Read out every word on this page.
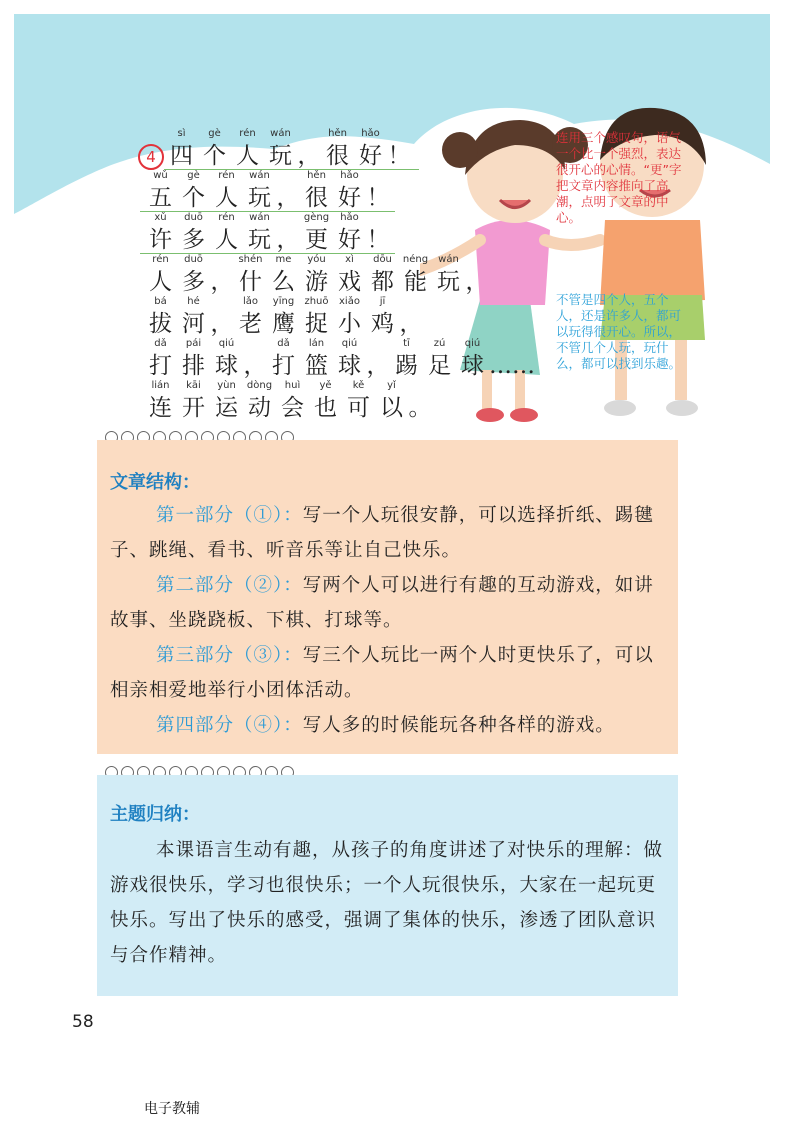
4
sì	gè	rén	wán	hěn	hǎo
四 个 人 玩 ， 很 好 ！
wǔ	gè	rén	wán	hěn	hǎo
五 个 人 玩 ， 很 好 ！
xǔ	duō	rén	wán	gèng	hǎo
许 多 人 玩 ， 更 好 ！
rén	duō	shén	me	yóu	xì	dōu	néng	wán
人 多 ， 什 么 游 戏 都 能 玩 ，
bá	hé	lǎo	yīng	zhuō	xiǎo	jī
拔 河 ， 老 鹰 捉 小 鸡 ，
dǎ	pái	qiú	dǎ	lán	qiú	tī	zú	qiú
打 排 球 ， 打 篮 球 ， 踢 足 球 ……
lián	kāi	yùn	dòng	huì	yě	kě	yǐ
连 开 运 动 会 也 可 以 。
连用三个感叹句，语气一个比一个强烈，表达很开心的心情。“更”字把文章内容推向了高潮，点明了文章的中心。
不管是四个人，五个人，还是许多人，都可以玩得很开心。所以，不管几个人玩，玩什么，都可以找到乐趣。
文章结构：
第一部分（①）：写一个人玩很安静，可以选择折纸、踢毽子、跳绳、看书、听音乐等让自己快乐。
第二部分（②）：写两个人可以进行有趣的互动游戏，如讲故事、坐跷跷板、下棋、打球等。
第三部分（③）：写三个人玩比一两个人时更快乐了，可以相亲相爱地举行小团体活动。
第四部分（④）：写人多的时候能玩各种各样的游戏。
主题归纳：
本课语言生动有趣，从孩子的角度讲述了对快乐的理解：做游戏很快乐，学习也很快乐；一个人玩很快乐，大家在一起玩更快乐。写出了快乐的感受，强调了集体的快乐，渗透了团队意识与合作精神。
58
电子教辅
